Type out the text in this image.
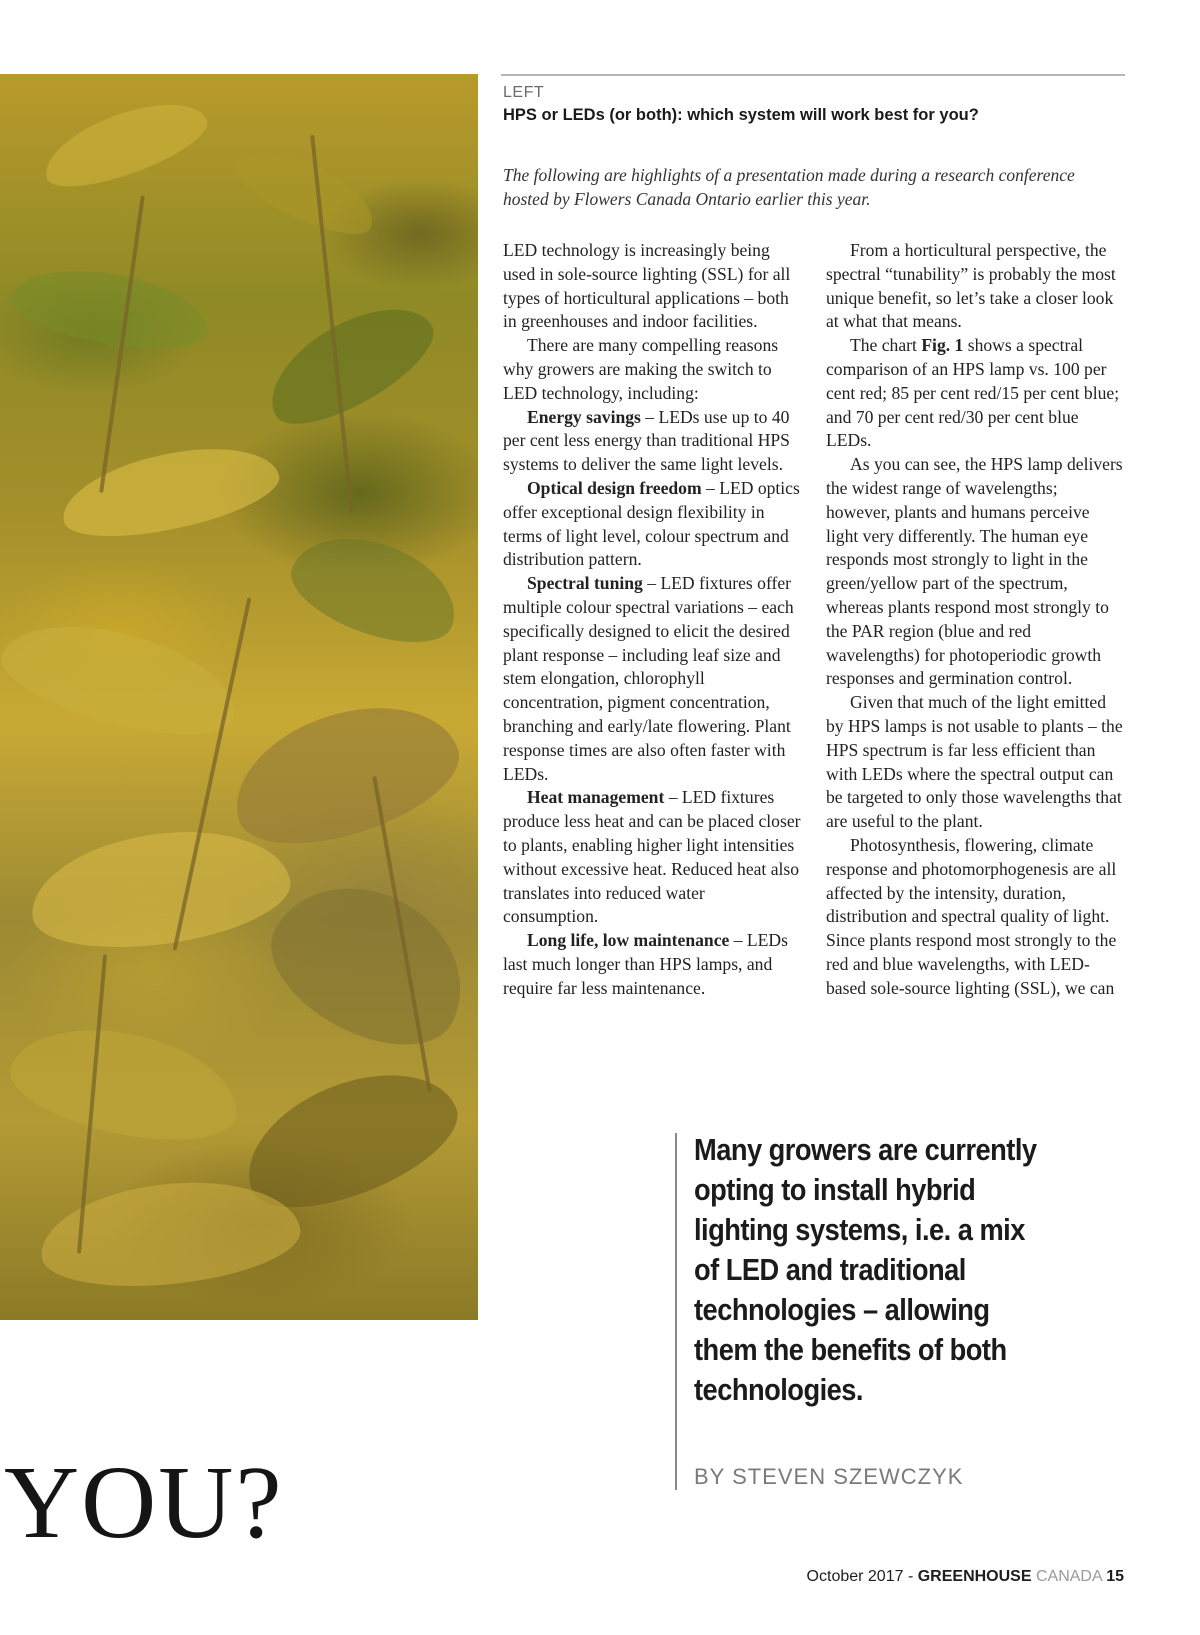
LEFT
HPS or LEDs (or both): which system will work best for you?

The following are highlights of a presentation made during a research conference hosted by Flowers Canada Ontario earlier this year.

LED technology is increasingly being used in sole-source lighting (SSL) for all types of horticultural applications – both in greenhouses and indoor facilities.

There are many compelling reasons why growers are making the switch to LED technology, including:

Energy savings – LEDs use up to 40 per cent less energy than traditional HPS systems to deliver the same light levels.

Optical design freedom – LED optics offer exceptional design flexibility in terms of light level, colour spectrum and distribution pattern.

Spectral tuning – LED fixtures offer multiple colour spectral variations – each specifically designed to elicit the desired plant response – including leaf size and stem elongation, chlorophyll concentration, pigment concentration, branching and early/late flowering. Plant response times are also often faster with LEDs.

Heat management – LED fixtures produce less heat and can be placed closer to plants, enabling higher light intensities without excessive heat. Reduced heat also translates into reduced water consumption.

Long life, low maintenance – LEDs last much longer than HPS lamps, and require far less maintenance.

From a horticultural perspective, the spectral “tunability” is probably the most unique benefit, so let’s take a closer look at what that means.

The chart Fig. 1 shows a spectral comparison of an HPS lamp vs. 100 per cent red; 85 per cent red/15 per cent blue; and 70 per cent red/30 per cent blue LEDs.

As you can see, the HPS lamp delivers the widest range of wavelengths; however, plants and humans perceive light very differently. The human eye responds most strongly to light in the green/yellow part of the spectrum, whereas plants respond most strongly to the PAR region (blue and red wavelengths) for photoperiodic growth responses and germination control.

Given that much of the light emitted by HPS lamps is not usable to plants – the HPS spectrum is far less efficient than with LEDs where the spectral output can be targeted to only those wavelengths that are useful to the plant.

Photosynthesis, flowering, climate response and photomorphogenesis are all affected by the intensity, duration, distribution and spectral quality of light. Since plants respond most strongly to the red and blue wavelengths, with LED-based sole-source lighting (SSL), we can

Many growers are currently opting to install hybrid lighting systems, i.e. a mix of LED and traditional technologies – allowing them the benefits of both technologies.
BY STEVEN SZEWCZYK
YOU?
October 2017 - GREENHOUSE CANADA 15
